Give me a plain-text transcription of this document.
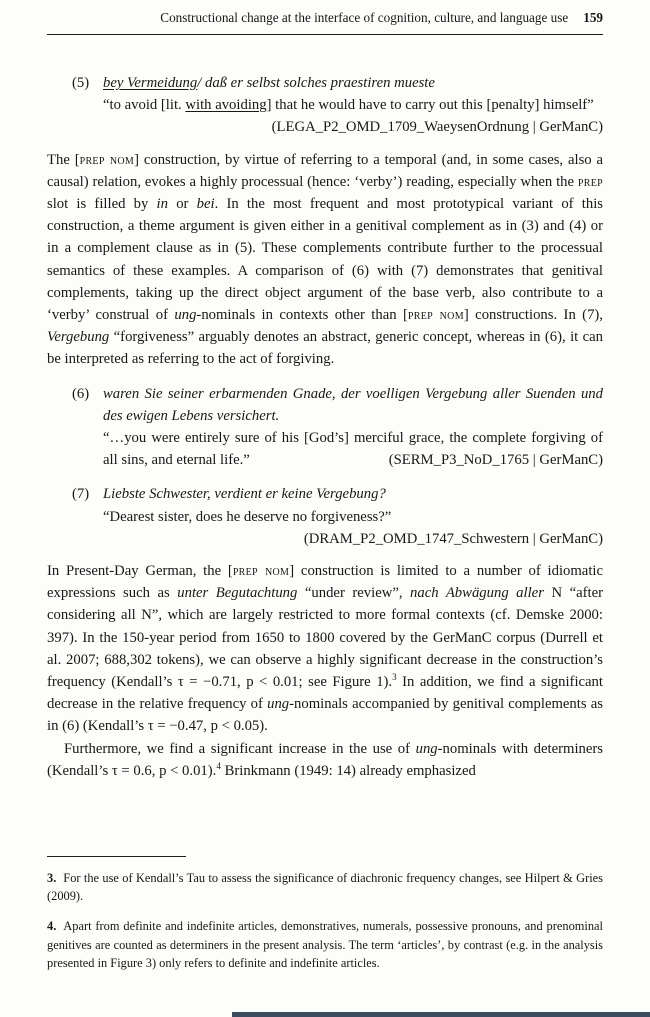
Constructional change at the interface of cognition, culture, and language use 159
(5) bey Vermeidung/ daß er selbst solches praestiren mueste
“to avoid [lit. with avoiding] that he would have to carry out this [penalty] himself”
(LEGA_P2_OMD_1709_WaeysenOrdnung | GerManC)

The [prep nom] construction, by virtue of referring to a temporal (and, in some cases, also a causal) relation, evokes a highly processual (hence: ‘verby’) reading, especially when the prep slot is filled by in or bei. In the most frequent and most prototypical variant of this construction, a theme argument is given either in a genitival complement as in (3) and (4) or in a complement clause as in (5). These complements contribute further to the processual semantics of these examples. A comparison of (6) with (7) demonstrates that genitival complements, taking up the direct object argument of the base verb, also contribute to a ‘verby’ construal of ung-nominals in contexts other than [prep nom] constructions. In (7), Vergebung “forgiveness” arguably denotes an abstract, generic concept, whereas in (6), it can be interpreted as referring to the act of forgiving.

(6) waren Sie seiner erbarmenden Gnade, der voelligen Vergebung aller Suenden und des ewigen Lebens versichert.
“…you were entirely sure of his [God’s] merciful grace, the complete forgiving of all sins, and eternal life.”	(SERM_P3_NoD_1765 | GerManC)
(7) Liebste Schwester, verdient er keine Vergebung?
“Dearest sister, does he deserve no forgiveness?”
(DRAM_P2_OMD_1747_Schwestern | GerManC)

In Present-Day German, the [prep nom] construction is limited to a number of idiomatic expressions such as unter Begutachtung “under review”, nach Abwägung aller N “after considering all N”, which are largely restricted to more formal contexts (cf. Demske 2000: 397). In the 150-year period from 1650 to 1800 covered by the GerManC corpus (Durrell et al. 2007; 688,302 tokens), we can observe a highly significant decrease in the construction’s frequency (Kendall’s τ = −0.71, p < 0.01; see Figure 1).$^3$ In addition, we find a significant decrease in the relative frequency of ung-nominals accompanied by genitival complements as in (6) (Kendall’s τ = −0.47, p < 0.05).

Furthermore, we find a significant increase in the use of ung-nominals with determiners (Kendall’s τ = 0.6, p < 0.01).$^4$ Brinkmann (1949: 14) already emphasized

3. For the use of Kendall’s Tau to assess the significance of diachronic frequency changes, see Hilpert & Gries (2009).

4. Apart from definite and indefinite articles, demonstratives, numerals, possessive pronouns, and prenominal genitives are counted as determiners in the present analysis. The term ‘articles’, by contrast (e.g. in the analysis presented in Figure 3) only refers to definite and indefinite articles.
